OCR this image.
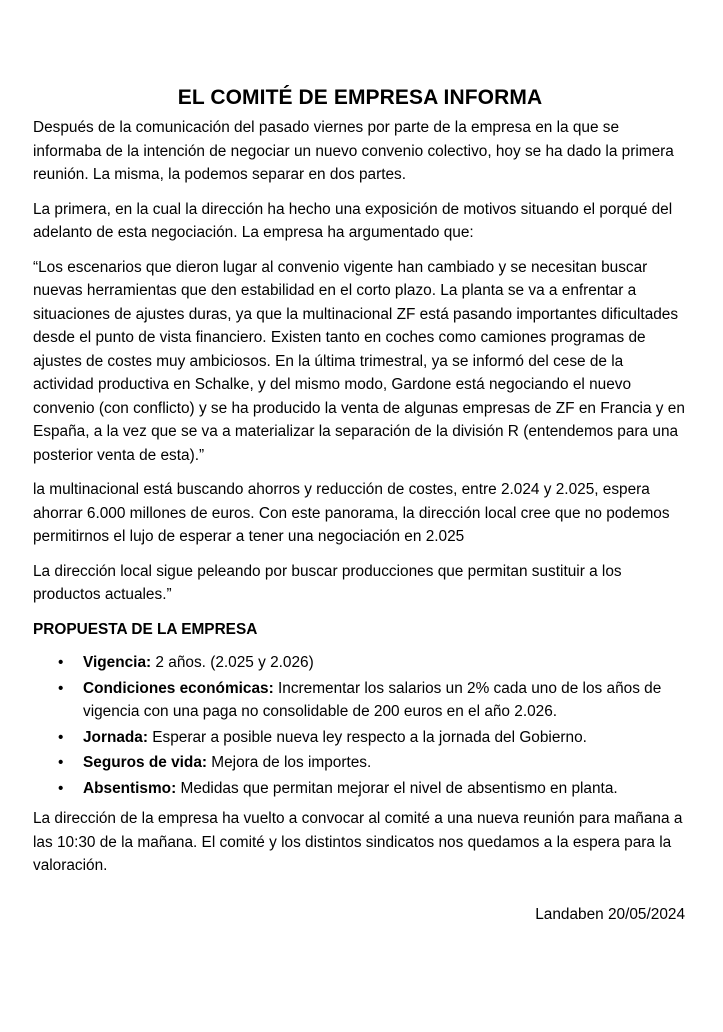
EL COMITÉ DE EMPRESA INFORMA

Después de la comunicación del pasado viernes por parte de la empresa en la que se informaba de la intención de negociar un nuevo convenio colectivo, hoy se ha dado la primera reunión. La misma, la podemos separar en dos partes.

La primera, en la cual la dirección ha hecho una exposición de motivos situando el porqué del adelanto de esta negociación. La empresa ha argumentado que:

“Los escenarios que dieron lugar al convenio vigente han cambiado y se necesitan buscar nuevas herramientas que den estabilidad en el corto plazo. La planta se va a enfrentar a situaciones de ajustes duras, ya que la multinacional ZF está pasando importantes dificultades desde el punto de vista financiero. Existen tanto en coches como camiones programas de ajustes de costes muy ambiciosos. En la última trimestral, ya se informó del cese de la actividad productiva en Schalke, y del mismo modo, Gardone está negociando el nuevo convenio (con conflicto) y se ha producido la venta de algunas empresas de ZF en Francia y en España, a la vez que se va a materializar la separación de la división R (entendemos para una posterior venta de esta).”

la multinacional está buscando ahorros y reducción de costes, entre 2.024 y 2.025, espera ahorrar 6.000 millones de euros. Con este panorama, la dirección local cree que no podemos permitirnos el lujo de esperar a tener una negociación en 2.025

La dirección local sigue peleando por buscar producciones que permitan sustituir a los productos actuales.”

PROPUESTA DE LA EMPRESA
• Vigencia: 2 años. (2.025 y 2.026)
• Condiciones económicas: Incrementar los salarios un 2% cada uno de los años de vigencia con una paga no consolidable de 200 euros en el año 2.026.
• Jornada: Esperar a posible nueva ley respecto a la jornada del Gobierno.
• Seguros de vida: Mejora de los importes.
• Absentismo: Medidas que permitan mejorar el nivel de absentismo en planta.

La dirección de la empresa ha vuelto a convocar al comité a una nueva reunión para mañana a las 10:30 de la mañana. El comité y los distintos sindicatos nos quedamos a la espera para la valoración.

Landaben 20/05/2024
